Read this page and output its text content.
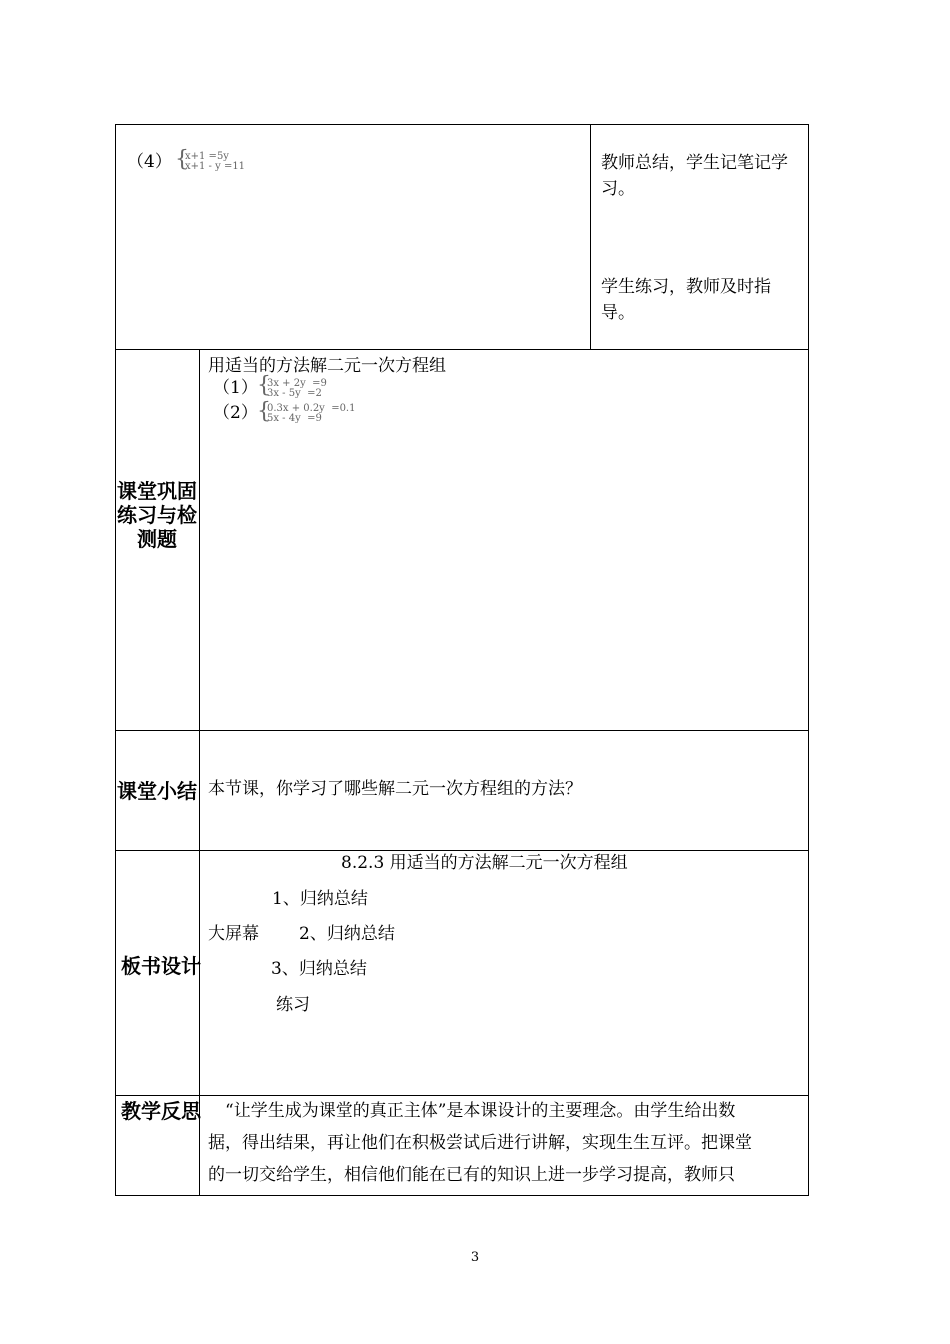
（4） {
x+1 =5y
x+1 - y =11	教师总结，学生记笔记学习。
学生练习，教师及时指导。
课堂巩固练习与检测题
用适当的方法解二元一次方程组
（1） {
3x + 2y  =9
3x - 5y  =2
（2） {
0.3x + 0.2y  =0.1
5x - 4y  =9
课堂小结 本节课，你学习了哪些解二元一次方程组的方法？
板书设计
8.2.3 用适当的方法解二元一次方程组
1、归纳总结
大屏幕 2、归纳总结
3、归纳总结
练习
教学反思	“让学生成为课堂的真正主体”是本课设计的主要理念。由学生给出数
据，得出结果，再让他们在积极尝试后进行讲解，实现生生互评。把课堂
的一切交给学生，相信他们能在已有的知识上进一步学习提高，教师只
3
